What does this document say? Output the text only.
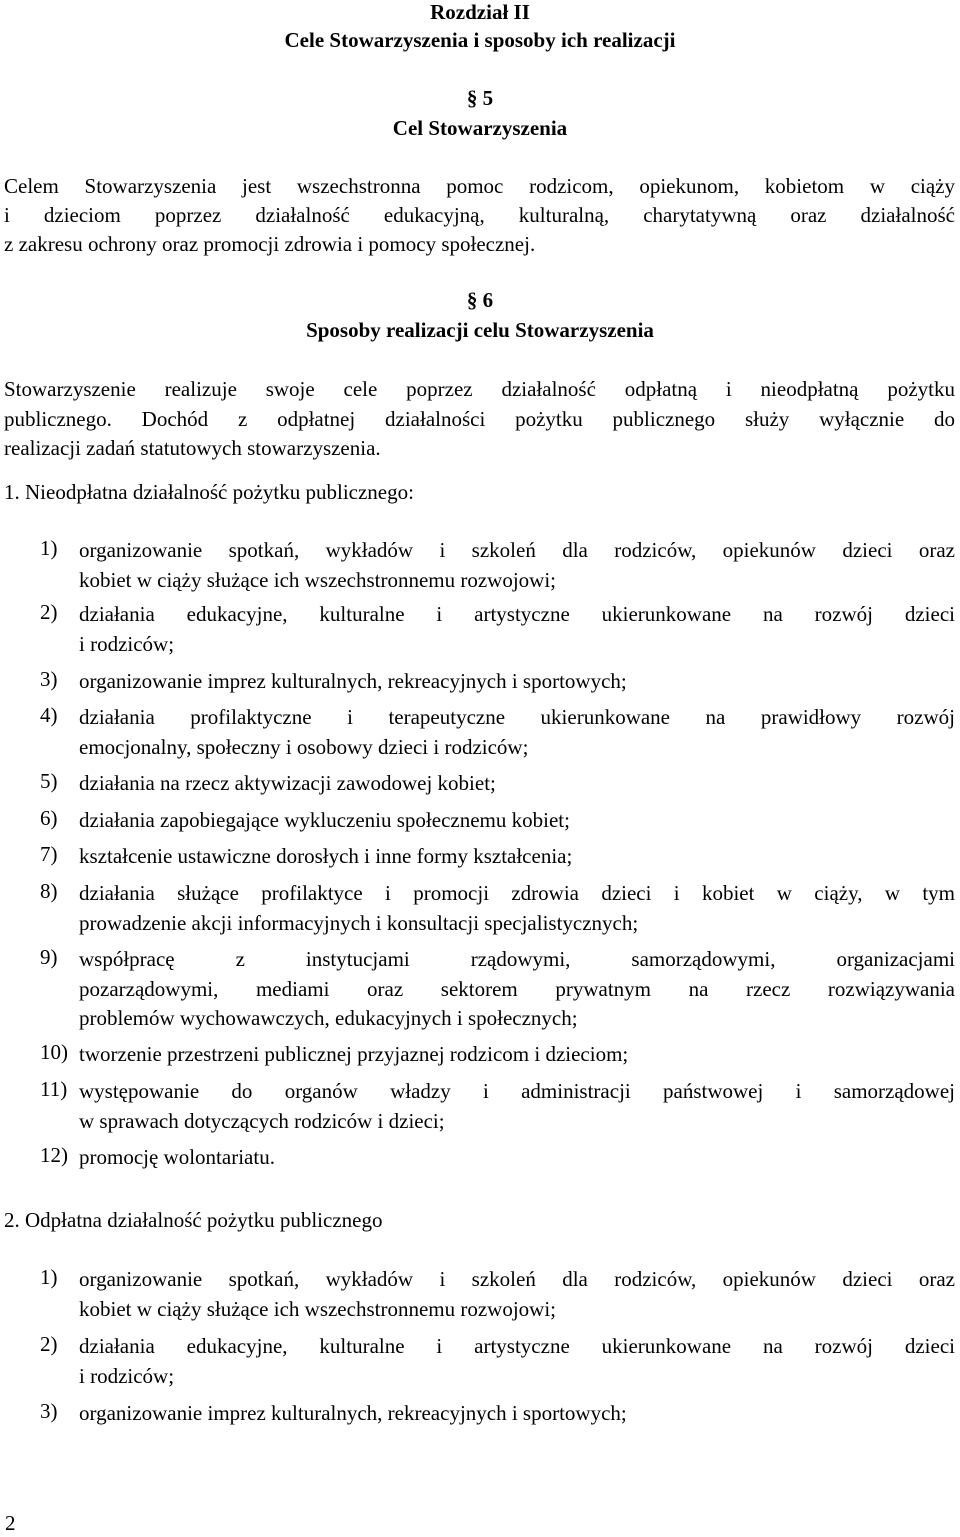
Rozdział II
Cele Stowarzyszenia i sposoby ich realizacji
§ 5
Cel Stowarzyszenia
Celem Stowarzyszenia jest wszechstronna pomoc rodzicom, opiekunom, kobietom w ciąży
i dzieciom poprzez działalność edukacyjną, kulturalną, charytatywną oraz działalność
z zakresu ochrony oraz promocji zdrowia i pomocy społecznej.
§ 6
Sposoby realizacji celu Stowarzyszenia
Stowarzyszenie realizuje swoje cele poprzez działalność odpłatną i nieodpłatną pożytku
publicznego. Dochód z odpłatnej działalności pożytku publicznego służy wyłącznie do
realizacji zadań statutowych stowarzyszenia.
1. Nieodpłatna działalność pożytku publicznego:
1)	organizowanie spotkań, wykładów i szkoleń dla rodziców, opiekunów dzieci oraz
kobiet w ciąży służące ich wszechstronnemu rozwojowi;
2)	działania edukacyjne, kulturalne i artystyczne ukierunkowane na rozwój dzieci
i rodziców;
3)	organizowanie imprez kulturalnych, rekreacyjnych i sportowych;
4)	działania profilaktyczne i terapeutyczne ukierunkowane na prawidłowy rozwój
emocjonalny, społeczny i osobowy dzieci i rodziców;
5)	działania na rzecz aktywizacji zawodowej kobiet;
6)	działania zapobiegające wykluczeniu społecznemu kobiet;
7)	kształcenie ustawiczne dorosłych i inne formy kształcenia;
8)	działania służące profilaktyce i promocji zdrowia dzieci i kobiet w ciąży, w tym
prowadzenie akcji informacyjnych i konsultacji specjalistycznych;
9)	współpracę z instytucjami rządowymi, samorządowymi, organizacjami
pozarządowymi, mediami oraz sektorem prywatnym na rzecz rozwiązywania
problemów wychowawczych, edukacyjnych i społecznych;
10) tworzenie przestrzeni publicznej przyjaznej rodzicom i dzieciom;
11) występowanie do organów władzy i administracji państwowej i samorządowej
w sprawach dotyczących rodziców i dzieci;
12) promocję wolontariatu.
2. Odpłatna działalność pożytku publicznego
1)	organizowanie spotkań, wykładów i szkoleń dla rodziców, opiekunów dzieci oraz
kobiet w ciąży służące ich wszechstronnemu rozwojowi;
2)	działania edukacyjne, kulturalne i artystyczne ukierunkowane na rozwój dzieci
i rodziców;
3)	organizowanie imprez kulturalnych, rekreacyjnych i sportowych;
2
